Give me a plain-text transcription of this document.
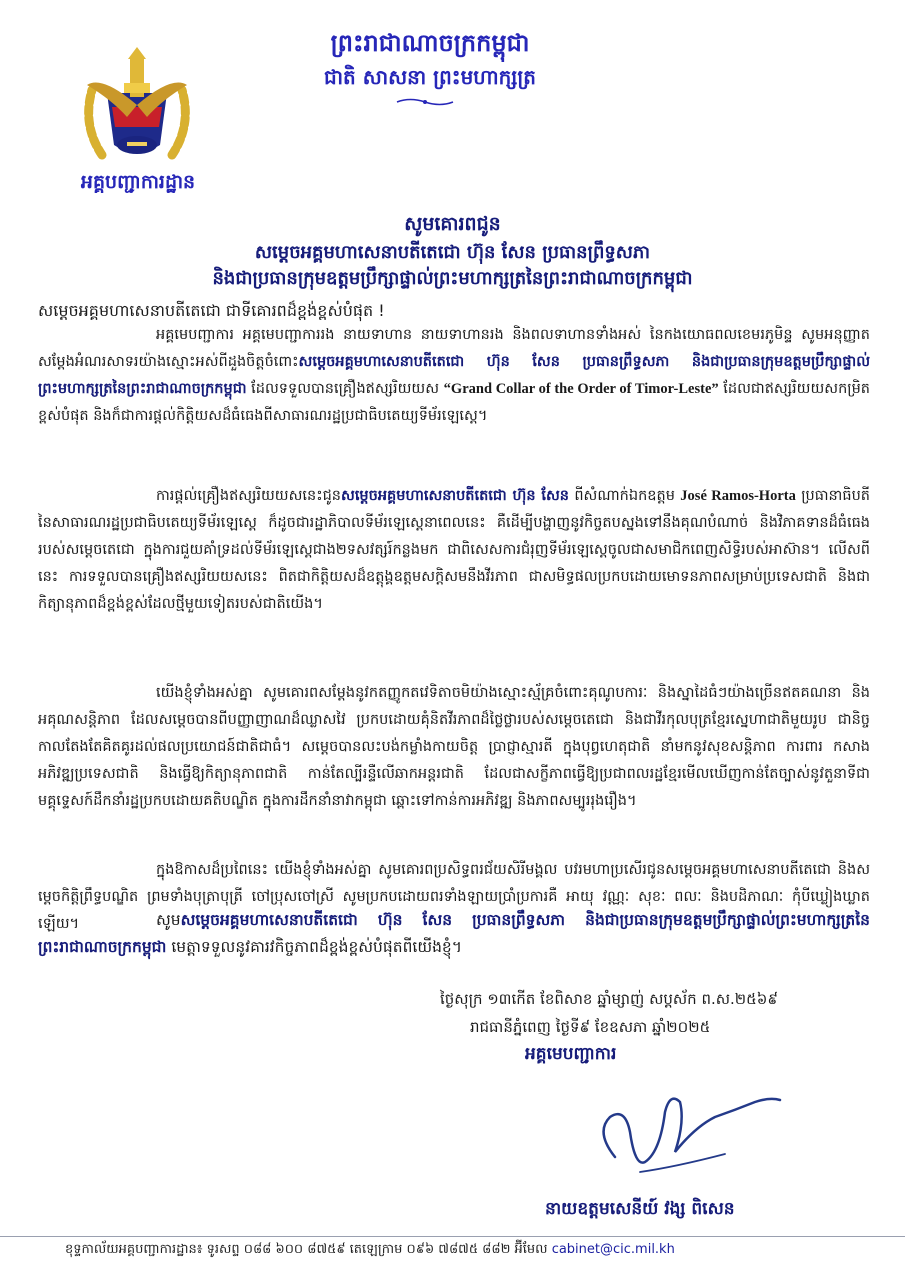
ព្រះរាជាណាចក្រកម្ពុជា
ជាតិ សាសនា ព្រះមហាក្សត្រ
អគ្គបញ្ជាការដ្ឋាន
សូមគោរពជូន
សម្តេចអគ្គមហាសេនាបតីតេជោ ហ៊ុន សែន ប្រធានព្រឹទ្ធសភា
និងជាប្រធានក្រុមឧត្តមប្រឹក្សាផ្ទាល់ព្រះមហាក្សត្រនៃព្រះរាជាណាចក្រកម្ពុជា
សម្តេចអគ្គមហាសេនាបតីតេជោ ជាទីគោរពដ៏ខ្ពង់ខ្ពស់បំផុត !
អគ្គមេបញ្ជាការ អគ្គមេបញ្ជាការរង នាយទាហាន នាយទាហានរង និងពលទាហានទាំងអស់ នៃកងយោធពលខេមរភូមិន្ទ សូមអនុញ្ញាតសម្តែងអំណរសាទរយ៉ាងស្មោះអស់ពីដួងចិត្តចំពោះសម្តេចអគ្គមហាសេនាបតីតេជោ ហ៊ុន សែន ប្រធានព្រឹទ្ធសភា និងជាប្រធានក្រុមឧត្តមប្រឹក្សាផ្ទាល់ព្រះមហាក្សត្រនៃព្រះរាជាណាចក្រកម្ពុជា ដែលទទួលបានគ្រឿងឥស្សរិយយស “Grand Collar of the Order of Timor-Leste” ដែលជាឥស្សរិយយសកម្រិតខ្ពស់បំផុត និងក៏ជាការផ្តល់កិត្តិយសដ៏ធំធេងពីសាធារណរដ្ឋប្រជាធិបតេយ្យទីម័រឡេស្តេ។
ការផ្តល់គ្រឿងឥស្សរិយយសនេះជូនសម្តេចអគ្គមហាសេនាបតីតេជោ ហ៊ុន សែន ពីសំណាក់ឯកឧត្តម José Ramos-Horta ប្រធានាធិបតីនៃសាធារណរដ្ឋប្រជាធិបតេយ្យទីម័រឡេស្តេ ក៏ដូចជារដ្ឋាភិបាលទីម័រឡេស្តេនាពេលនេះ គឺដើម្បីបង្ហាញនូវកិច្ចតបស្នងទៅនឹងគុណបំណាច់ និងវិភាគទានដ៏ធំធេងរបស់សម្តេចតេជោ ក្នុងការជួយគាំទ្រដល់ទីម័រឡេស្តេជាង២ទសវត្សរ៍កន្លងមក ជាពិសេសការជំរុញទីម័រឡេស្តេចូលជាសមាជិកពេញសិទ្ធិរបស់អាស៊ាន។ លើសពីនេះ ការទទួលបានគ្រឿងឥស្សរិយយសនេះ ពិតជាកិត្តិយសដ៏ឧត្តុង្គឧត្តមសក្តិសមនឹងវីរភាព ជាសមិទ្ធផលប្រកបដោយមោទនភាពសម្រាប់ប្រទេសជាតិ និងជាកិត្យានុភាពដ៏ខ្ពង់ខ្ពស់ដែលថ្មីមួយទៀតរបស់ជាតិយើង។
យើងខ្ញុំទាំងអស់គ្នា សូមគោរពសម្តែងនូវកតញ្ញូកតវេទិតាចមិយ៉ាងស្មោះស្ម័គ្រចំពោះគុណូបការៈ និងស្នាដៃធំៗយ៉ាងច្រើនឥតគណនា និងអគុណសន្តិភាព ដែលសម្តេចបានពីបញ្ញាញាណដ៏ឈ្លាសវៃ ប្រកបដោយគុំនិតវីរភាពដ៏ថ្លៃថ្លារបស់សម្តេចតេជោ និងជាវីរកុលបុត្រខ្មែរស្នេហាជាតិមួយរូប ជានិច្ចកាលតែងតែគិតគូរដល់ផលប្រយោជន៍ជាតិជាធំ។ សម្តេចបានលះបង់កម្លាំងកាយចិត្ត ប្រាជ្ញាស្មារតី ក្នុងបុព្វហេតុជាតិ នាំមកនូវសុខសន្តិភាព ការពារ កសាង អភិវឌ្ឍប្រទេសជាតិ និងធ្វើឱ្យកិត្យានុភាពជាតិ កាន់តែល្បីរន្ទឺលើឆាកអន្តរជាតិ ដែលជាសក្ខីភាពធ្វើឱ្យប្រជាពលរដ្ឋខ្មែរមើលឃើញកាន់តែច្បាស់នូវតួនាទីជាមគ្គុទ្ទេសក៍ដឹកនាំរដ្ឋប្រកបដោយគតិបណ្ឌិត ក្នុងការដឹកនាំនាវាកម្ពុជា ឆ្ពោះទៅកាន់ការអភិវឌ្ឍ និងភាពសម្បូររុងរឿង។
ក្នុងឱកាសដ៏ប្រពៃនេះ យើងខ្ញុំទាំងអស់គ្នា សូមគោរពប្រសិទ្ធពរជ័យសិរីមង្គល បវរមហាប្រសើរជូនសម្តេចអគ្គមហាសេនាបតីតេជោ និងសម្តេចកិត្តិព្រឹទ្ធបណ្ឌិត ព្រមទាំងបុត្រាបុត្រី ចៅប្រុសចៅស្រី សូមប្រកបដោយពរទាំងឡាយប្រាំប្រការគឺ អាយុ វណ្ណៈ សុខៈ ពលៈ និងបដិភាណៈ កុំបីឃ្លៀងឃ្លាតឡើយ។	សូមសម្តេចអគ្គមហាសេនាបតីតេជោ ហ៊ុន សែន ប្រធានព្រឹទ្ធសភា និងជាប្រធានក្រុមឧត្តមប្រឹក្សាផ្ទាល់ព្រះមហាក្សត្រនៃព្រះរាជាណាចក្រកម្ពុជា មេត្តាទទួលនូវគារវកិច្ចភាពដ៏ខ្ពង់ខ្ពស់បំផុតពីយើងខ្ញុំ។
ថ្ងៃសុក្រ ១៣កើត ខែពិសាខ ឆ្នាំម្សាញ់ សប្តស័ក ព.ស.២៥៦៩
រាជធានីភ្នំពេញ ថ្ងៃទី៩ ខែឧសភា ឆ្នាំ២០២៥
អគ្គមេបញ្ជាការ
នាយឧត្តមសេនីយ៍ វង្ស ពិសេន
ខុទ្ទកាល័យអគ្គបញ្ជាការដ្ឋាន៖ ទូរសព្ទ ០៨៨ ៦០០ ៨៧៥៩ តេឡេក្រាម ០៩៦ ៧៨៧៥ ៨៨២ អ៊ីមែល cabinet@cic.mil.kh
